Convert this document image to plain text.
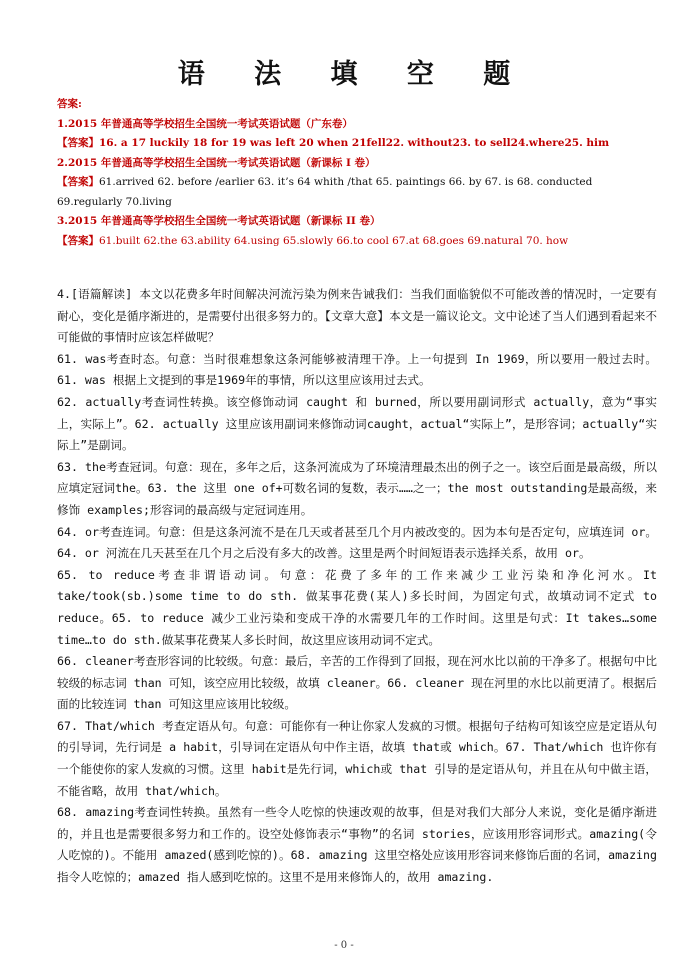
语 法 填 空 题
答案:
1.2015 年普通高等学校招生全国统一考试英语试题（广东卷）
【答案】16. a 17 luckily 18 for 19 was left 20 when 21fell22. without23. to sell24.where25. him
2.2015 年普通高等学校招生全国统一考试英语试题（新课标 I 卷）
【答案】61.arrived 62. before /earlier 63. it’s 64 whith /that 65. paintings 66. by 67. is 68. conducted 69.regularly 70.living
3.2015 年普通高等学校招生全国统一考试英语试题（新课标 II 卷）
【答案】61.built 62.the 63.ability 64.using 65.slowly 66.to cool 67.at 68.goes 69.natural 70. how

4.[语篇解读] 本文以花费多年时间解决河流污染为例来告诫我们：当我们面临貌似不可能改善的情况时，一定要有耐心，变化是循序渐进的，是需要付出很多努力的。【文章大意】本文是一篇议论文。文中论述了当人们遇到看起来不可能做的事情时应该怎样做呢？

61. was考查时态。句意：当时很难想象这条河能够被清理干净。上一句提到 In 1969，所以要用一般过去时。61. was 根据上文提到的事是1969年的事情，所以这里应该用过去式。

62. actually考查词性转换。该空修饰动词 caught 和 burned，所以要用副词形式 actually，意为“事实上，实际上”。62. actually 这里应该用副词来修饰动词caught，actual“实际上”，是形容词；actually“实际上”是副词。

63. the考查冠词。句意：现在，多年之后，这条河流成为了环境清理最杰出的例子之一。该空后面是最高级，所以应填定冠词the。63. the 这里 one of+可数名词的复数，表示……之一；the most outstanding是最高级，来修饰 examples;形容词的最高级与定冠词连用。

64. or考查连词。句意：但是这条河流不是在几天或者甚至几个月内被改变的。因为本句是否定句，应填连词 or。64. or 河流在几天甚至在几个月之后没有多大的改善。这里是两个时间短语表示选择关系，故用 or。

65. to reduce考查非谓语动词。句意：花费了多年的工作来减少工业污染和净化河水。It take/took(sb.)some time to do sth. 做某事花费(某人)多长时间，为固定句式，故填动词不定式 to reduce。65. to reduce 减少工业污染和变成干净的水需要几年的工作时间。这里是句式：It takes…some time…to do sth.做某事花费某人多长时间，故这里应该用动词不定式。

66. cleaner考查形容词的比较级。句意：最后，辛苦的工作得到了回报，现在河水比以前的干净多了。根据句中比较级的标志词 than 可知，该空应用比较级，故填 cleaner。66. cleaner 现在河里的水比以前更清了。根据后面的比较连词 than 可知这里应该用比较级。

67. That/which 考查定语从句。句意：可能你有一种让你家人发疯的习惯。根据句子结构可知该空应是定语从句的引导词，先行词是 a habit，引导词在定语从句中作主语，故填 that或 which。67. That/which 也许你有一个能使你的家人发疯的习惯。这里 habit是先行词，which或 that 引导的是定语从句，并且在从句中做主语，不能省略，故用 that/which。

68. amazing考查词性转换。虽然有一些令人吃惊的快速改观的故事，但是对我们大部分人来说，变化是循序渐进的，并且也是需要很多努力和工作的。设空处修饰表示“事物”的名词 stories，应该用形容词形式。amazing(令人吃惊的)。不能用 amazed(感到吃惊的)。68. amazing 这里空格处应该用形容词来修饰后面的名词，amazing 指令人吃惊的；amazed 指人感到吃惊的。这里不是用来修饰人的，故用 amazing.

- 0 -
